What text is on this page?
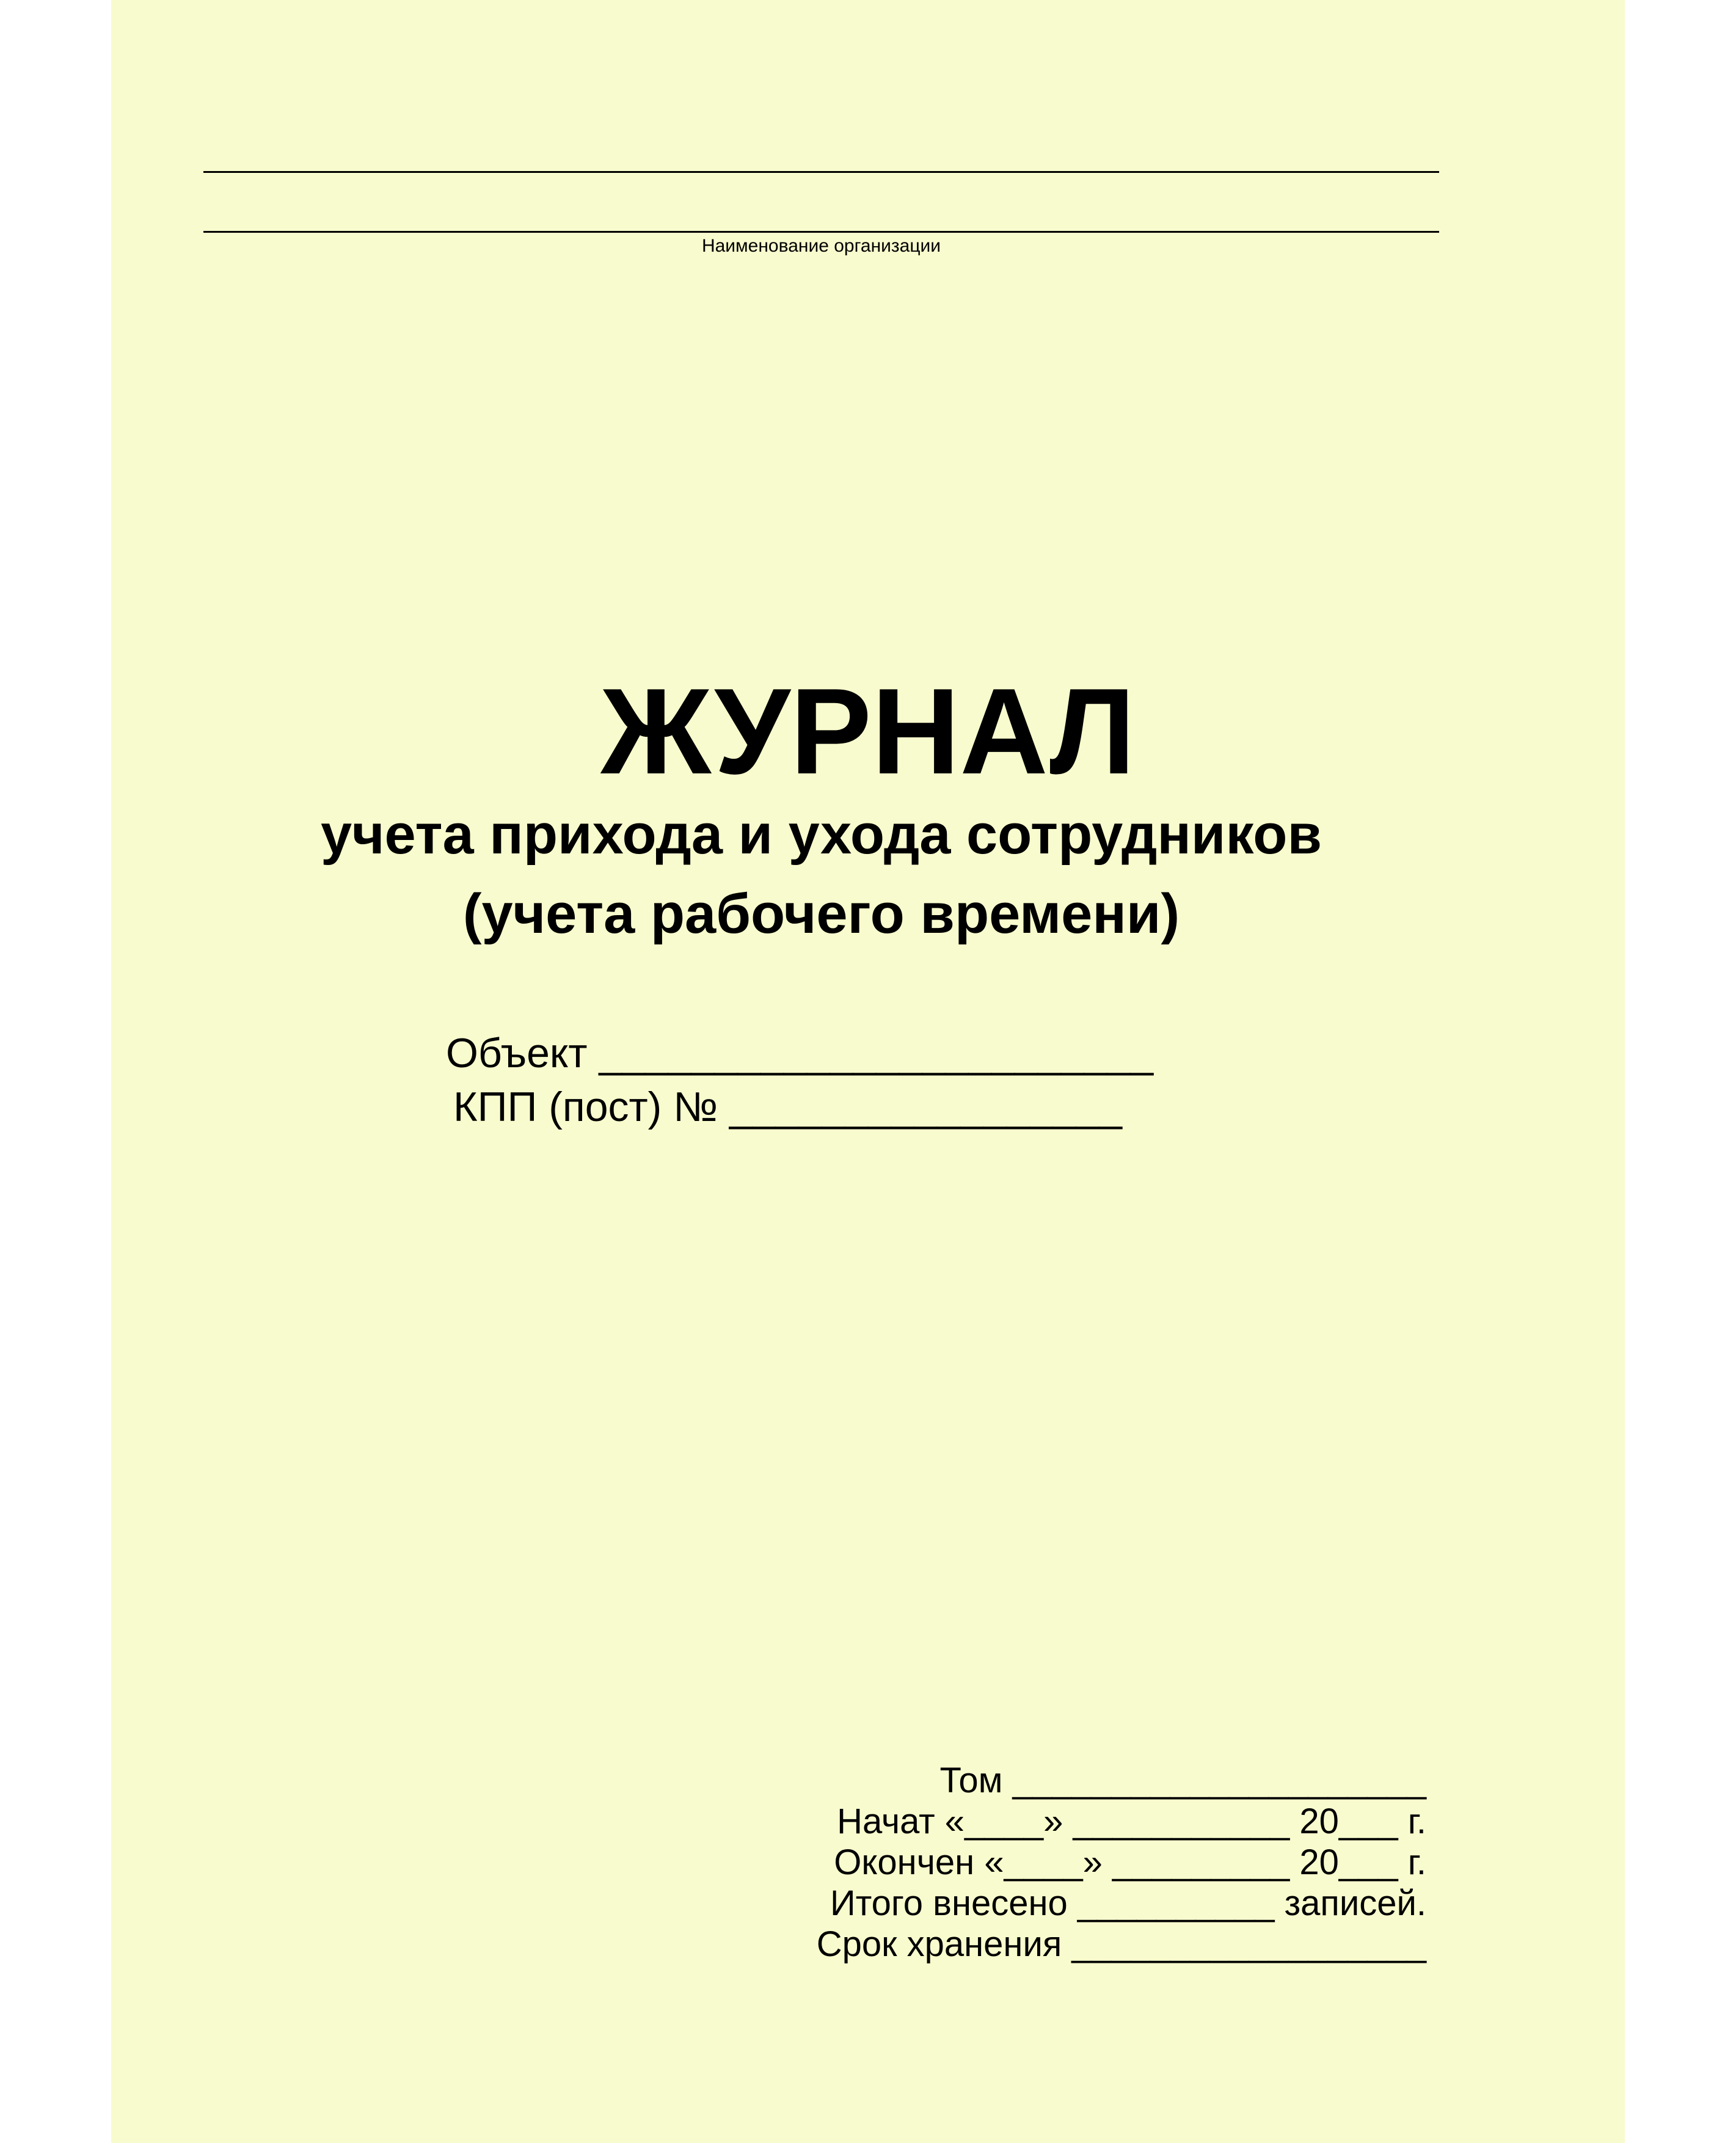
Наименование организации
ЖУРНАЛ
учета прихода и ухода сотрудников
(учета рабочего времени)
Объект ________________________
КПП (пост) № _________________
Том _____________________
Начат «____» ___________ 20___ г.
Окончен «____» _________ 20___ г.
Итого внесено __________ записей.
Срок хранения __________________
